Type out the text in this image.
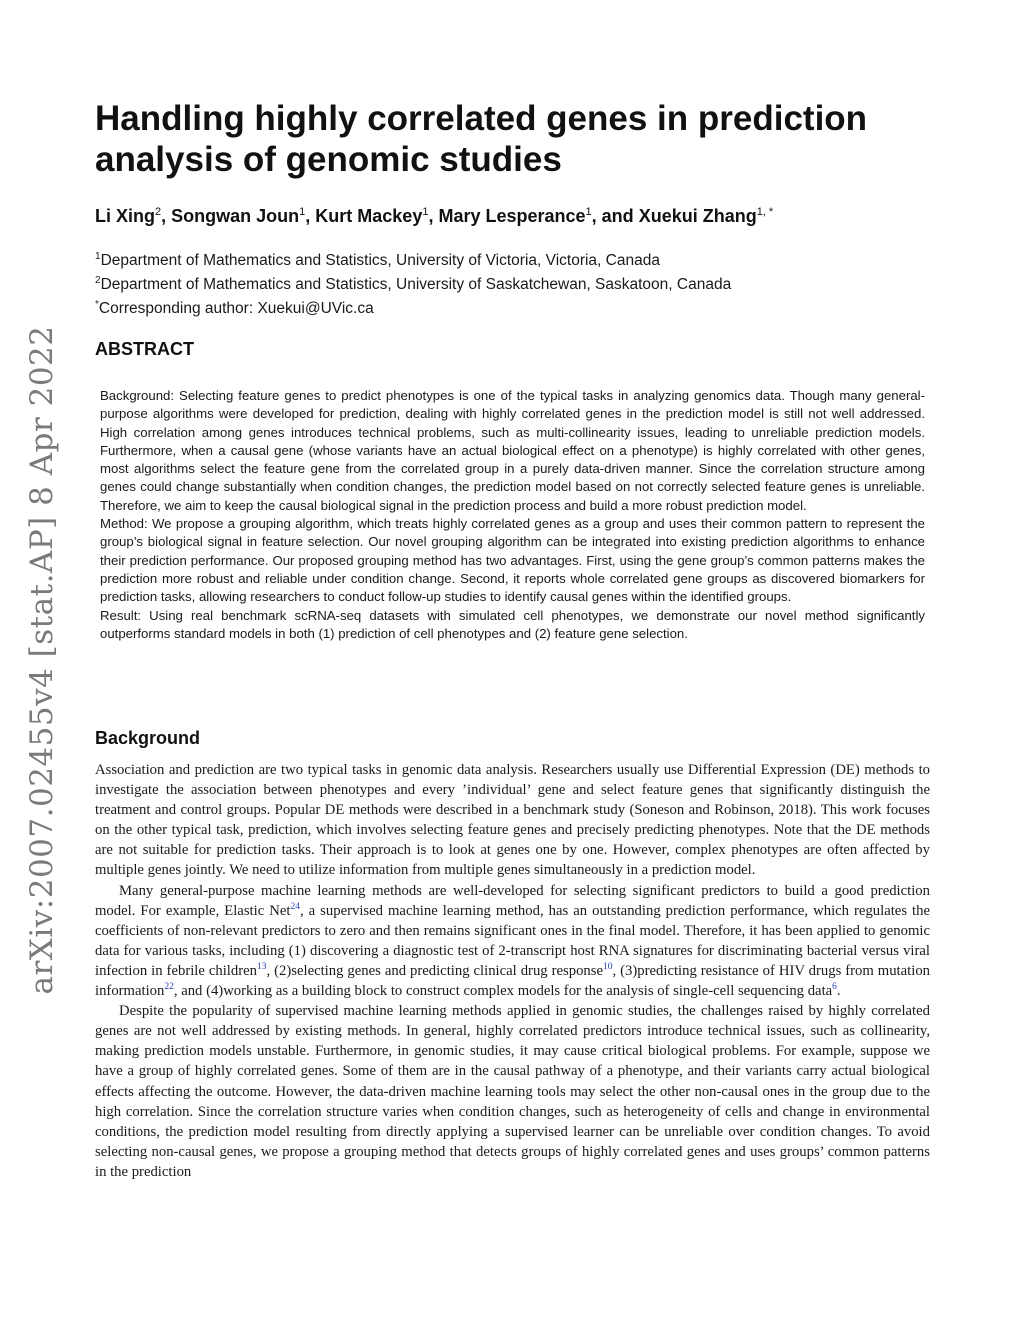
arXiv:2007.02455v4 [stat.AP] 8 Apr 2022
Handling highly correlated genes in prediction analysis of genomic studies
Li Xing$^2$, Songwan Joun$^1$, Kurt Mackey$^1$, Mary Lesperance$^1$, and Xuekui Zhang$^{1, *}$
$^1$Department of Mathematics and Statistics, University of Victoria, Victoria, Canada
$^2$Department of Mathematics and Statistics, University of Saskatchewan, Saskatoon, Canada
*Corresponding author: Xuekui@UVic.ca
ABSTRACT

Background: Selecting feature genes to predict phenotypes is one of the typical tasks in analyzing genomics data. Though many general-purpose algorithms were developed for prediction, dealing with highly correlated genes in the prediction model is still not well addressed. High correlation among genes introduces technical problems, such as multi-collinearity issues, leading to unreliable prediction models. Furthermore, when a causal gene (whose variants have an actual biological effect on a phenotype) is highly correlated with other genes, most algorithms select the feature gene from the correlated group in a purely data-driven manner. Since the correlation structure among genes could change substantially when condition changes, the prediction model based on not correctly selected feature genes is unreliable. Therefore, we aim to keep the causal biological signal in the prediction process and build a more robust prediction model.

Method: We propose a grouping algorithm, which treats highly correlated genes as a group and uses their common pattern to represent the group’s biological signal in feature selection. Our novel grouping algorithm can be integrated into existing prediction algorithms to enhance their prediction performance. Our proposed grouping method has two advantages. First, using the gene group’s common patterns makes the prediction more robust and reliable under condition change. Second, it reports whole correlated gene groups as discovered biomarkers for prediction tasks, allowing researchers to conduct follow-up studies to identify causal genes within the identified groups.

Result: Using real benchmark scRNA-seq datasets with simulated cell phenotypes, we demonstrate our novel method significantly outperforms standard models in both (1) prediction of cell phenotypes and (2) feature gene selection.

Background

Association and prediction are two typical tasks in genomic data analysis. Researchers usually use Differential Expression (DE) methods to investigate the association between phenotypes and every ’individual’ gene and select feature genes that significantly distinguish the treatment and control groups. Popular DE methods were described in a benchmark study (Soneson and Robinson, 2018). This work focuses on the other typical task, prediction, which involves selecting feature genes and precisely predicting phenotypes. Note that the DE methods are not suitable for prediction tasks. Their approach is to look at genes one by one. However, complex phenotypes are often affected by multiple genes jointly. We need to utilize information from multiple genes simultaneously in a prediction model.

Many general-purpose machine learning methods are well-developed for selecting significant predictors to build a good prediction model. For example, Elastic Net$^{24}$, a supervised machine learning method, has an outstanding prediction performance, which regulates the coefficients of non-relevant predictors to zero and then remains significant ones in the final model. Therefore, it has been applied to genomic data for various tasks, including (1) discovering a diagnostic test of 2-transcript host RNA signatures for discriminating bacterial versus viral infection in febrile children$^{13}$, (2)selecting genes and predicting clinical drug response$^{10}$, (3)predicting resistance of HIV drugs from mutation information$^{22}$, and (4)working as a building block to construct complex models for the analysis of single-cell sequencing data$^6$.

Despite the popularity of supervised machine learning methods applied in genomic studies, the challenges raised by highly correlated genes are not well addressed by existing methods. In general, highly correlated predictors introduce technical issues, such as collinearity, making prediction models unstable. Furthermore, in genomic studies, it may cause critical biological problems. For example, suppose we have a group of highly correlated genes. Some of them are in the causal pathway of a phenotype, and their variants carry actual biological effects affecting the outcome. However, the data-driven machine learning tools may select the other non-causal ones in the group due to the high correlation. Since the correlation structure varies when condition changes, such as heterogeneity of cells and change in environmental conditions, the prediction model resulting from directly applying a supervised learner can be unreliable over condition changes. To avoid selecting non-causal genes, we propose a grouping method that detects groups of highly correlated genes and uses groups’ common patterns in the prediction
